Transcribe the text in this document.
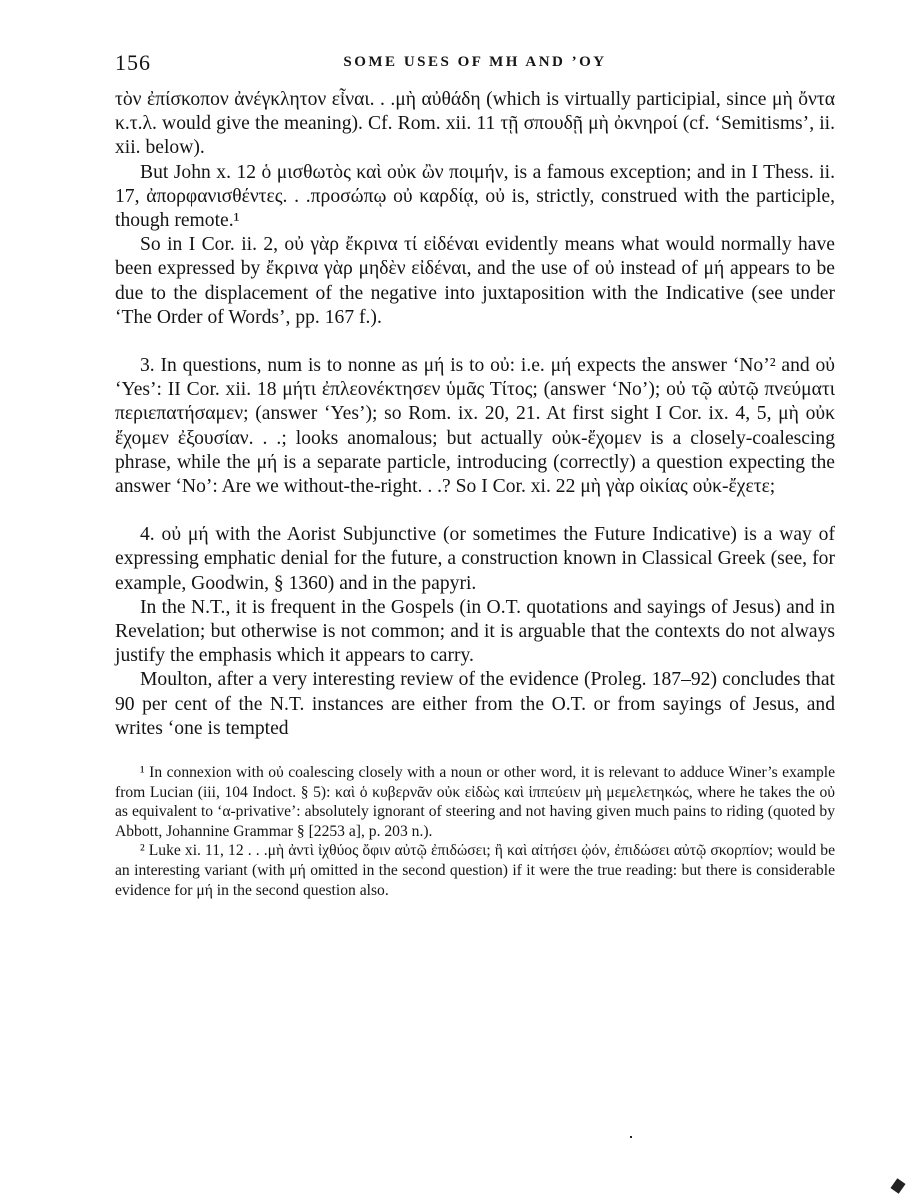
156	SOME USES OF MH AND ’OY

τὸν ἐπίσκοπον ἀνέγκλητον εἶναι. . .μὴ αὐθάδη (which is virtually participial, since μὴ ὄντα κ.τ.λ. would give the meaning). Cf. Rom. xii. 11 τῇ σπουδῇ μὴ ὀκνηροί (cf. ‘Semitisms’, ii. xii. below).

But John x. 12 ὁ μισθωτὸς καὶ οὐκ ὢν ποιμήν, is a famous exception; and in I Thess. ii. 17, ἀπορφανισθέντες. . .προσώπῳ οὐ καρδίᾳ, οὐ is, strictly, construed with the participle, though remote.¹

So in I Cor. ii. 2, οὐ γὰρ ἔκρινα τί εἰδέναι evidently means what would normally have been expressed by ἔκρινα γὰρ μηδὲν εἰδέναι, and the use of οὐ instead of μή appears to be due to the displacement of the negative into juxtaposition with the Indicative (see under ‘The Order of Words’, pp. 167 f.).

3. In questions, num is to nonne as μή is to οὐ: i.e. μή expects the answer ‘No’² and οὐ ‘Yes’: II Cor. xii. 18 μήτι ἐπλεονέκτησεν ὑμᾶς Τίτος; (answer ‘No’); οὐ τῷ αὐτῷ πνεύματι περιεπατήσαμεν; (answer ‘Yes’); so Rom. ix. 20, 21. At first sight I Cor. ix. 4, 5, μὴ οὐκ ἔχομεν ἐξουσίαν. . .; looks anomalous; but actually οὐκ-ἔχομεν is a closely-coalescing phrase, while the μή is a separate particle, introducing (correctly) a question expecting the answer ‘No’: Are we without-the-right. . .? So I Cor. xi. 22 μὴ γὰρ οἰκίας οὐκ-ἔχετε;

4. οὐ μή with the Aorist Subjunctive (or sometimes the Future Indicative) is a way of expressing emphatic denial for the future, a construction known in Classical Greek (see, for example, Goodwin, § 1360) and in the papyri.

In the N.T., it is frequent in the Gospels (in O.T. quotations and sayings of Jesus) and in Revelation; but otherwise is not common; and it is arguable that the contexts do not always justify the emphasis which it appears to carry.

Moulton, after a very interesting review of the evidence (Proleg. 187–92) concludes that 90 per cent of the N.T. instances are either from the O.T. or from sayings of Jesus, and writes ‘one is tempted

¹ In connexion with οὐ coalescing closely with a noun or other word, it is relevant to adduce Winer’s example from Lucian (iii, 104 Indoct. § 5): καὶ ὁ κυβερνᾶν οὐκ εἰδὼς καὶ ἱππεύειν μὴ μεμελετηκώς, where he takes the οὐ as equivalent to ‘α-privative’: absolutely ignorant of steering and not having given much pains to riding (quoted by Abbott, Johannine Grammar § [2253 a], p. 203 n.).

² Luke xi. 11, 12 . . .μὴ ἀντὶ ἰχθύος ὄφιν αὐτῷ ἐπιδώσει; ἢ καὶ αἰτήσει ᾠόν, ἐπιδώσει αὐτῷ σκορπίον; would be an interesting variant (with μή omitted in the second question) if it were the true reading: but there is considerable evidence for μή in the second question also.
